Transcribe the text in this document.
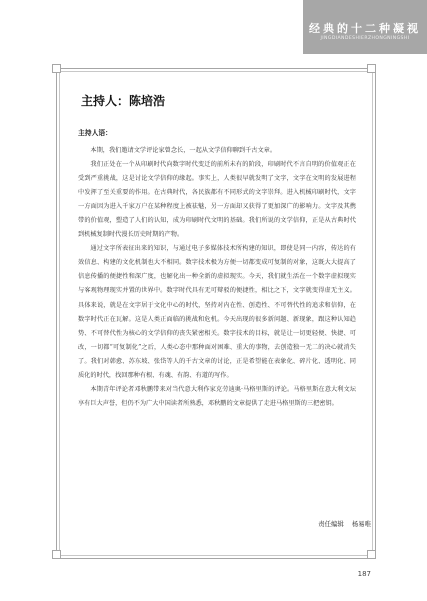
经典的十二种凝视
JINGDIANDESHIERZHONGNINGSHI
主持人：陈培浩
主持人语：

本期，我们邀请文学评论家曾念长，一起从文学信仰聊到千古文章。

我们正处在一个从印刷时代向数字时代变迁的前所未有的阶段，印刷时代不言自明的价值观正在受到严重挑战，这是讨论文学信仰的缘起。事实上，人类很早就发明了文字，文字在文明的发展进程中发挥了至关重要的作用。在古典时代，各民族都有不同形式的文字崇拜。进入机械印刷时代，文字一方面因为进入千家万户在某种程度上被祛魅，另一方面却又获得了更加深广的影响力。文字及其携带的价值观，塑造了人们的认知，成为印刷时代文明的基础。我们所说的文学信仰，正是从古典时代到机械复制时代漫长历史时期的产物。

通过文字所表征出来的知识，与通过电子多媒体技术所构建的知识，即使是同一内容，传达的有效信息、构建的文化机制也大不相同。数字技术极为方便一切都变成可复制的对象，这既大大提高了信息传播的便捷性和深广度，也解化出一种全新的虚拟现实。今天，我们就生活在一个数字虚拟现实与客观物理现实并置的世界中。数字时代具有无可辩驳的便捷性，相比之下，文字就变得虚无主义。具体来说，就是在文字居于文化中心的时代，坚持对内在性、创造性、不可替代性的追求和信仰，在数字时代正在瓦解。这是人类正面临的挑战和危机。今天出现的很多新问题、新现象，跟这种认知趋势、不可替代性为核心的文学信仰的丧失紧密相关。数字技术的目标，就是让一切更轻便、快捷、可改，一切都“可复制化”之后，人类心态中那种面对困难、重大的事物，去创造独一无二的决心就消失了。我们对韩愈、苏东坡、张岱等人的千古文章的讨论，正是希望能在表象化、碎片化、透明化、同质化的时代，找回那种有根、有魂、有韵、有道的写作。

本期青年评论者邓秋鹏带来对当代意大利作家克劳迪奥·马格里斯的评论。马格里斯在意大利文坛享有巨大声誉，但仍不为广大中国读者所熟悉，邓秋鹏的文章提供了走进马格里斯的三把密钥。

责任编辑 杨易唯
187
